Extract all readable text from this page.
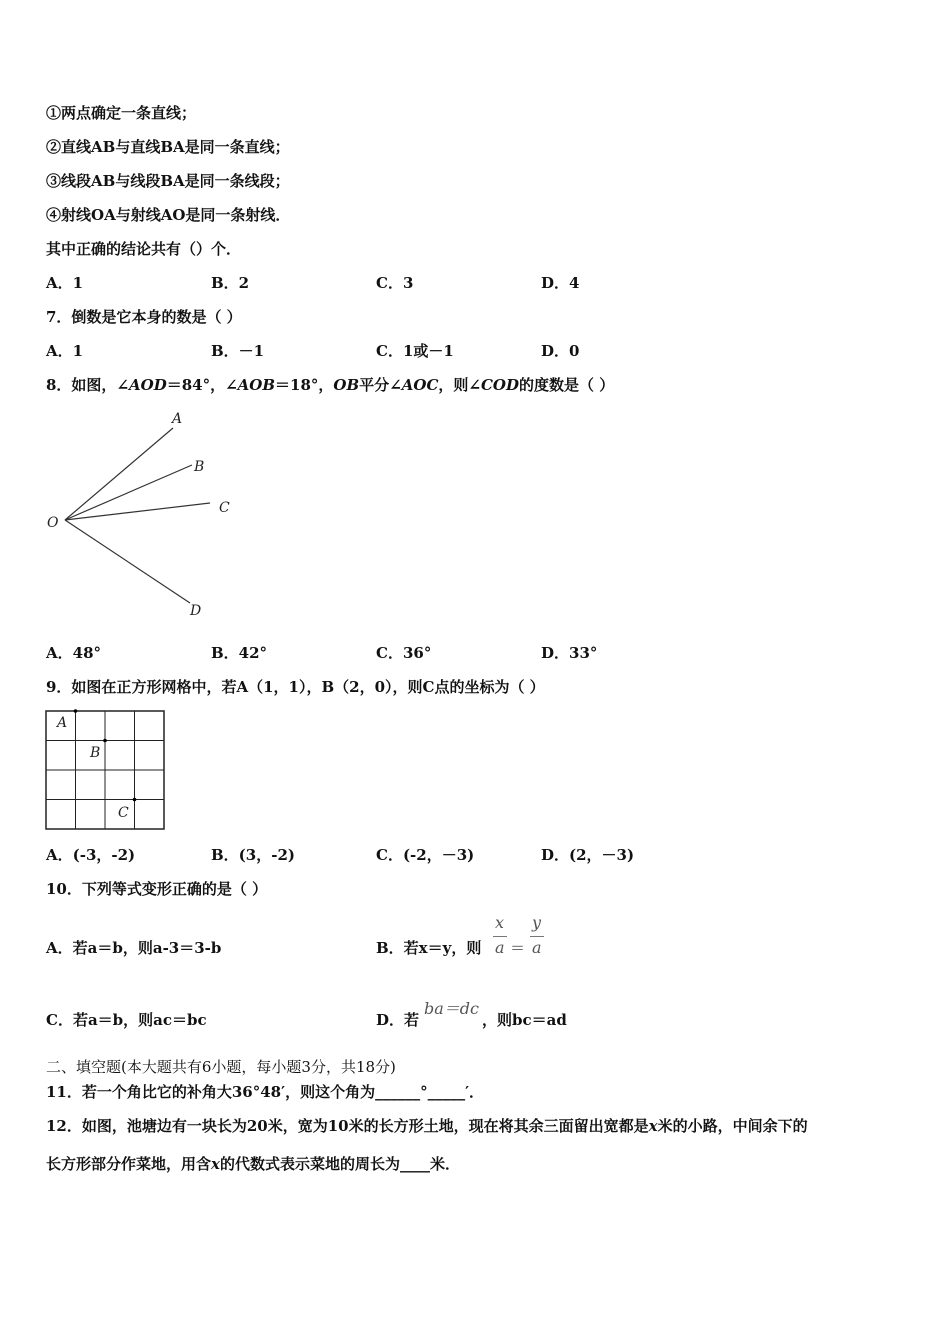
①两点确定一条直线；
②直线AB与直线BA是同一条直线；
③线段AB与线段BA是同一条线段；
④射线OA与射线AO是同一条射线．
其中正确的结论共有（）个．
A．1	B．2	C．3	D．4
7．倒数是它本身的数是（ ）
A．1	B．－1	C．1或－1	D．0
8．如图，∠AOD＝84°，∠AOB＝18°，OB平分∠AOC，则∠COD的度数是（ ）
A
B
C
O
D
A．48°	B．42°	C．36°	D．33°
9．如图在正方形网格中，若A（1，1），B（2，0），则C点的坐标为（ ）
A
B
C
A．(-3，-2)	B．(3，-2)	C．(-2，－3)	D．(2，－3)
10．下列等式变形正确的是（ ）
A．若a＝b，则a-3＝3-b	B．若x＝y，则
x
a ＝
y
a
C．若a＝b，则ac＝bc	D．若
ba＝dc
，则bc＝ad
二、填空题(本大题共有6小题，每小题3分，共18分)
11．若一个角比它的补角大36°48′，则这个角为______°_____′．
12．如图，池塘边有一块长为20米，宽为10米的长方形土地，现在将其余三面留出宽都是x米的小路，中间余下的
长方形部分作菜地，用含x的代数式表示菜地的周长为____米．
